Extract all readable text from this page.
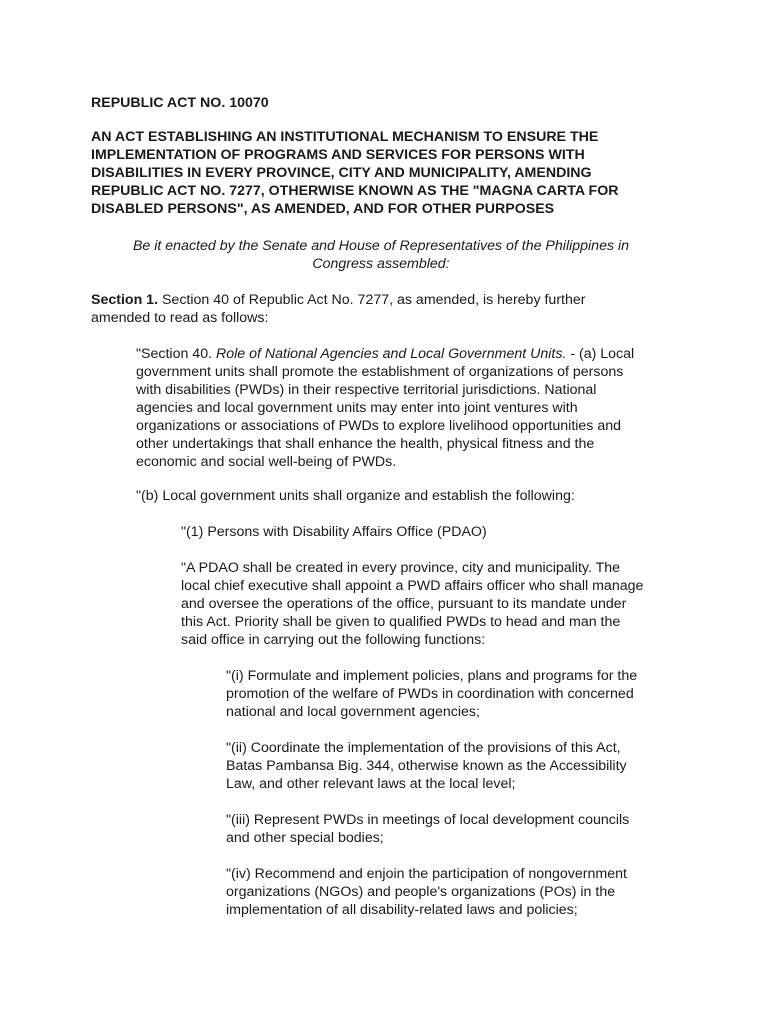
REPUBLIC ACT NO. 10070

AN ACT ESTABLISHING AN INSTITUTIONAL MECHANISM TO ENSURE THE
IMPLEMENTATION OF PROGRAMS AND SERVICES FOR PERSONS WITH
DISABILITIES IN EVERY PROVINCE, CITY AND MUNICIPALITY, AMENDING
REPUBLIC ACT NO. 7277, OTHERWISE KNOWN AS THE "MAGNA CARTA FOR
DISABLED PERSONS", AS AMENDED, AND FOR OTHER PURPOSES

Be it enacted by the Senate and House of Representatives of the Philippines in
Congress assembled:

Section 1. Section 40 of Republic Act No. 7277, as amended, is hereby further
amended to read as follows:

"Section 40. Role of National Agencies and Local Government Units. - (a) Local
government units shall promote the establishment of organizations of persons
with disabilities (PWDs) in their respective territorial jurisdictions. National
agencies and local government units may enter into joint ventures with
organizations or associations of PWDs to explore livelihood opportunities and
other undertakings that shall enhance the health, physical fitness and the
economic and social well-being of PWDs.

"(b) Local government units shall organize and establish the following:

"(1) Persons with Disability Affairs Office (PDAO)

"A PDAO shall be created in every province, city and municipality. The
local chief executive shall appoint a PWD affairs officer who shall manage
and oversee the operations of the office, pursuant to its mandate under
this Act. Priority shall be given to qualified PWDs to head and man the
said office in carrying out the following functions:

"(i) Formulate and implement policies, plans and programs for the
promotion of the welfare of PWDs in coordination with concerned
national and local government agencies;

"(ii) Coordinate the implementation of the provisions of this Act,
Batas Pambansa Big. 344, otherwise known as the Accessibility
Law, and other relevant laws at the local level;

"(iii) Represent PWDs in meetings of local development councils
and other special bodies;

"(iv) Recommend and enjoin the participation of nongovernment
organizations (NGOs) and people's organizations (POs) in the
implementation of all disability-related laws and policies;
